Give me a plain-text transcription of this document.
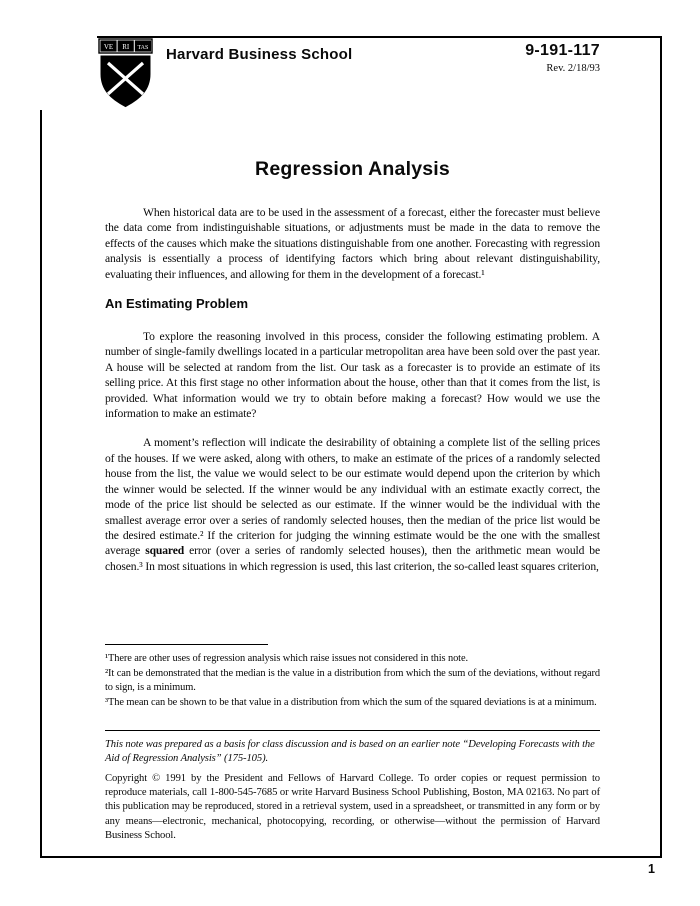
VE RI TAS Harvard Business School	9-191-117
Rev. 2/18/93
Regression Analysis

When historical data are to be used in the assessment of a forecast, either the forecaster must believe the data come from indistinguishable situations, or adjustments must be made in the data to remove the effects of the causes which make the situations distinguishable from one another. Forecasting with regression analysis is essentially a process of identifying factors which bring about relevant distinguishability, evaluating their influences, and allowing for them in the development of a forecast.¹

An Estimating Problem

To explore the reasoning involved in this process, consider the following estimating problem. A number of single-family dwellings located in a particular metropolitan area have been sold over the past year. A house will be selected at random from the list. Our task as a forecaster is to provide an estimate of its selling price. At this first stage no other information about the house, other than that it comes from the list, is provided. What information would we try to obtain before making a forecast? How would we use the information to make an estimate?

A moment’s reflection will indicate the desirability of obtaining a complete list of the selling prices of the houses. If we were asked, along with others, to make an estimate of the prices of a randomly selected house from the list, the value we would select to be our estimate would depend upon the criterion by which the winner would be selected. If the winner would be any individual with an estimate exactly correct, the mode of the price list should be selected as our estimate. If the winner would be the individual with the smallest average error over a series of randomly selected houses, then the median of the price list would be the desired estimate.² If the criterion for judging the winning estimate would be the one with the smallest average squared error (over a series of randomly selected houses), then the arithmetic mean would be chosen.³ In most situations in which regression is used, this last criterion, the so-called least squares criterion,

¹There are other uses of regression analysis which raise issues not considered in this note.

²It can be demonstrated that the median is the value in a distribution from which the sum of the deviations, without regard to sign, is a minimum.

³The mean can be shown to be that value in a distribution from which the sum of the squared deviations is at a minimum.

This note was prepared as a basis for class discussion and is based on an earlier note “Developing Forecasts with the Aid of Regression Analysis” (175-105).

Copyright © 1991 by the President and Fellows of Harvard College. To order copies or request permission to reproduce materials, call 1-800-545-7685 or write Harvard Business School Publishing, Boston, MA 02163. No part of this publication may be reproduced, stored in a retrieval system, used in a spreadsheet, or transmitted in any form or by any means—electronic, mechanical, photocopying, recording, or otherwise—without the permission of Harvard Business School.

1
